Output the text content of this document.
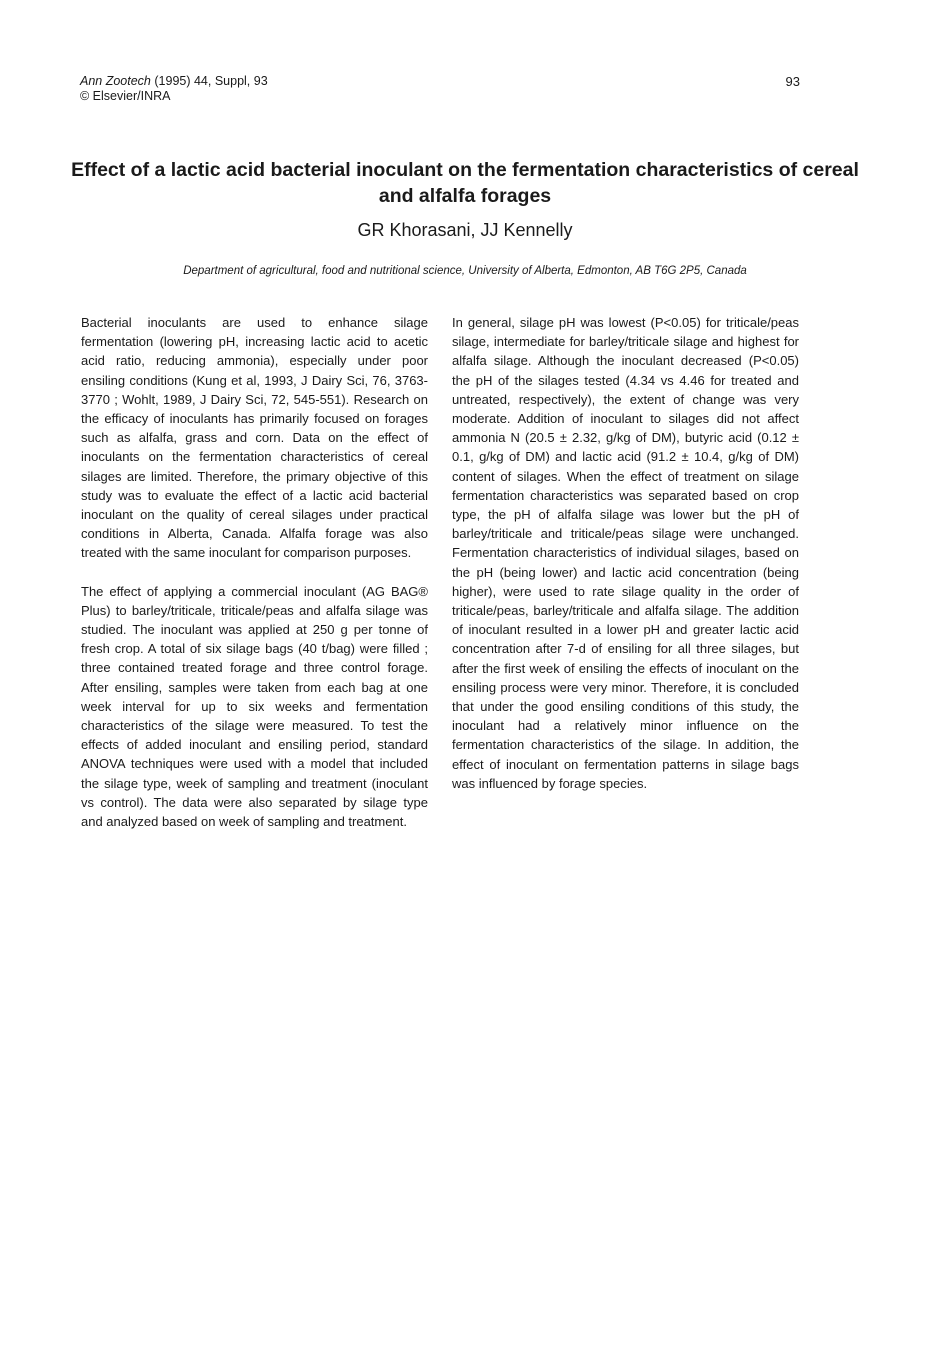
Ann Zootech (1995) 44, Suppl, 93
© Elsevier/INRA
93
Effect of a lactic acid bacterial inoculant on the fermentation characteristics of cereal and alfalfa forages
GR Khorasani, JJ Kennelly
Department of agricultural, food and nutritional science, University of Alberta, Edmonton, AB T6G 2P5, Canada

Bacterial inoculants are used to enhance silage fermentation (lowering pH, increasing lactic acid to acetic acid ratio, reducing ammonia), especially under poor ensiling conditions (Kung et al, 1993, J Dairy Sci, 76, 3763-3770 ; Wohlt, 1989, J Dairy Sci, 72, 545-551). Research on the efficacy of inoculants has primarily focused on forages such as alfalfa, grass and corn. Data on the effect of inoculants on the fermentation characteristics of cereal silages are limited. Therefore, the primary objective of this study was to evaluate the effect of a lactic acid bacterial inoculant on the quality of cereal silages under practical conditions in Alberta, Canada. Alfalfa forage was also treated with the same inoculant for comparison purposes.

The effect of applying a commercial inoculant (AG BAG® Plus) to barley/triticale, triticale/peas and alfalfa silage was studied. The inoculant was applied at 250 g per tonne of fresh crop. A total of six silage bags (40 t/bag) were filled ; three contained treated forage and three control forage. After ensiling, samples were taken from each bag at one week interval for up to six weeks and fermentation characteristics of the silage were measured. To test the effects of added inoculant and ensiling period, standard ANOVA techniques were used with a model that included the silage type, week of sampling and treatment (inoculant vs control). The data were also separated by silage type and analyzed based on week of sampling and treatment.

In general, silage pH was lowest (P<0.05) for triticale/peas silage, intermediate for barley/triticale silage and highest for alfalfa silage. Although the inoculant decreased (P<0.05) the pH of the silages tested (4.34 vs 4.46 for treated and untreated, respectively), the extent of change was very moderate. Addition of inoculant to silages did not affect ammonia N (20.5 ± 2.32, g/kg of DM), butyric acid (0.12 ± 0.1, g/kg of DM) and lactic acid (91.2 ± 10.4, g/kg of DM) content of silages. When the effect of treatment on silage fermentation characteristics was separated based on crop type, the pH of alfalfa silage was lower but the pH of barley/triticale and triticale/peas silage were unchanged. Fermentation characteristics of individual silages, based on the pH (being lower) and lactic acid concentration (being higher), were used to rate silage quality in the order of triticale/peas, barley/triticale and alfalfa silage. The addition of inoculant resulted in a lower pH and greater lactic acid concentration after 7-d of ensiling for all three silages, but after the first week of ensiling the effects of inoculant on the ensiling process were very minor. Therefore, it is concluded that under the good ensiling conditions of this study, the inoculant had a relatively minor influence on the fermentation characteristics of the silage. In addition, the effect of inoculant on fermentation patterns in silage bags was influenced by forage species.
